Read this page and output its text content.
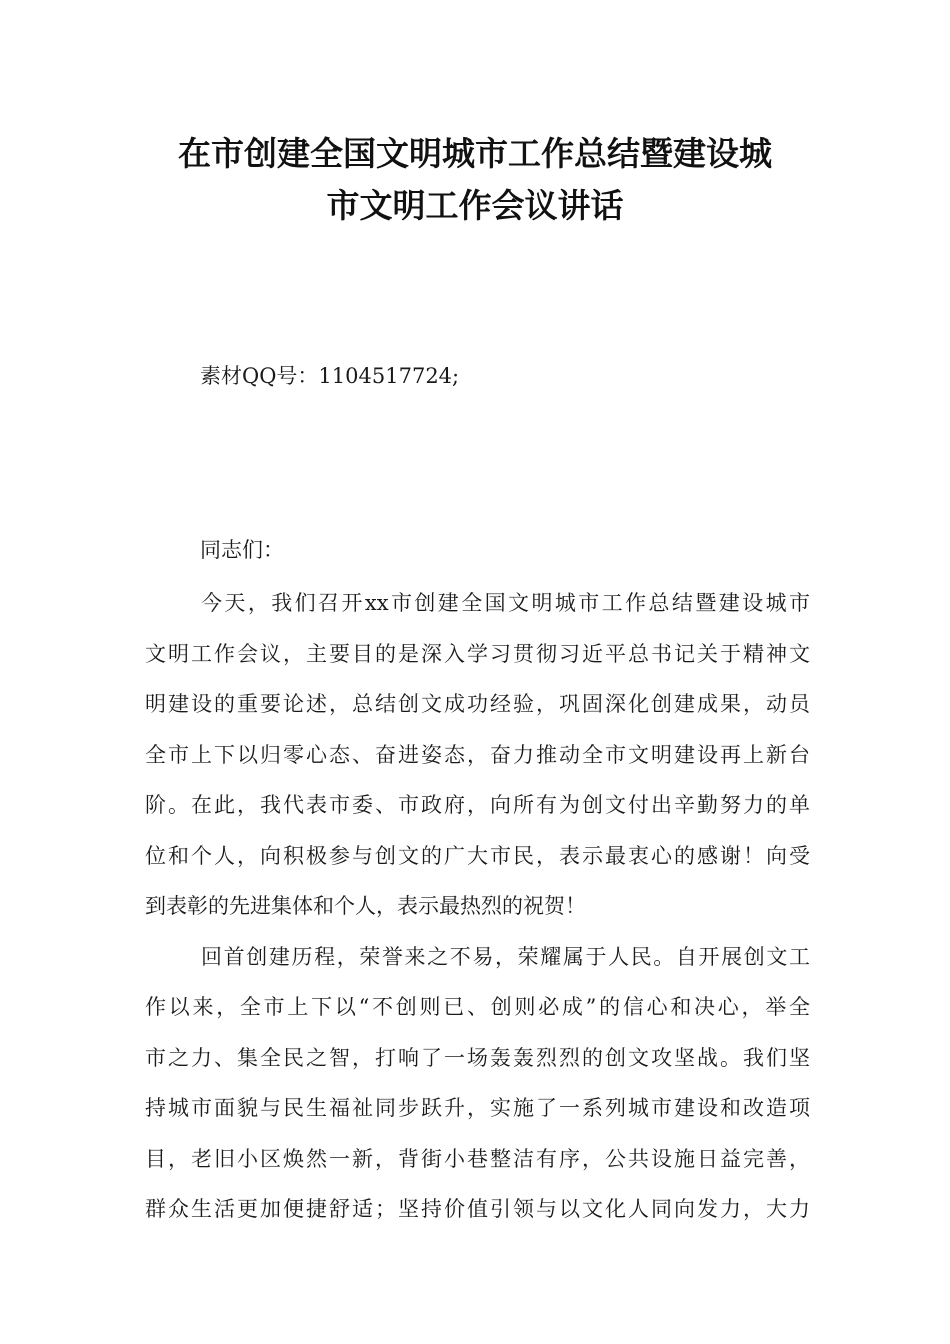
在市创建全国文明城市工作总结暨建设城
市文明工作会议讲话
素材QQ号：1104517724;
同志们：

今天，我们召开xx市创建全国文明城市工作总结暨建设城市
文明工作会议，主要目的是深入学习贯彻习近平总书记关于精神文
明建设的重要论述，总结创文成功经验，巩固深化创建成果，动员
全市上下以归零心态、奋进姿态，奋力推动全市文明建设再上新台
阶。在此，我代表市委、市政府，向所有为创文付出辛勤努力的单
位和个人，向积极参与创文的广大市民，表示最衷心的感谢！向受
到表彰的先进集体和个人，表示最热烈的祝贺！

回首创建历程，荣誉来之不易，荣耀属于人民。自开展创文工
作以来，全市上下以“不创则已、创则必成”的信心和决心，举全
市之力、集全民之智，打响了一场轰轰烈烈的创文攻坚战。我们坚
持城市面貌与民生福祉同步跃升，实施了一系列城市建设和改造项
目，老旧小区焕然一新，背街小巷整洁有序，公共设施日益完善，
群众生活更加便捷舒适；坚持价值引领与以文化人同向发力，大力
